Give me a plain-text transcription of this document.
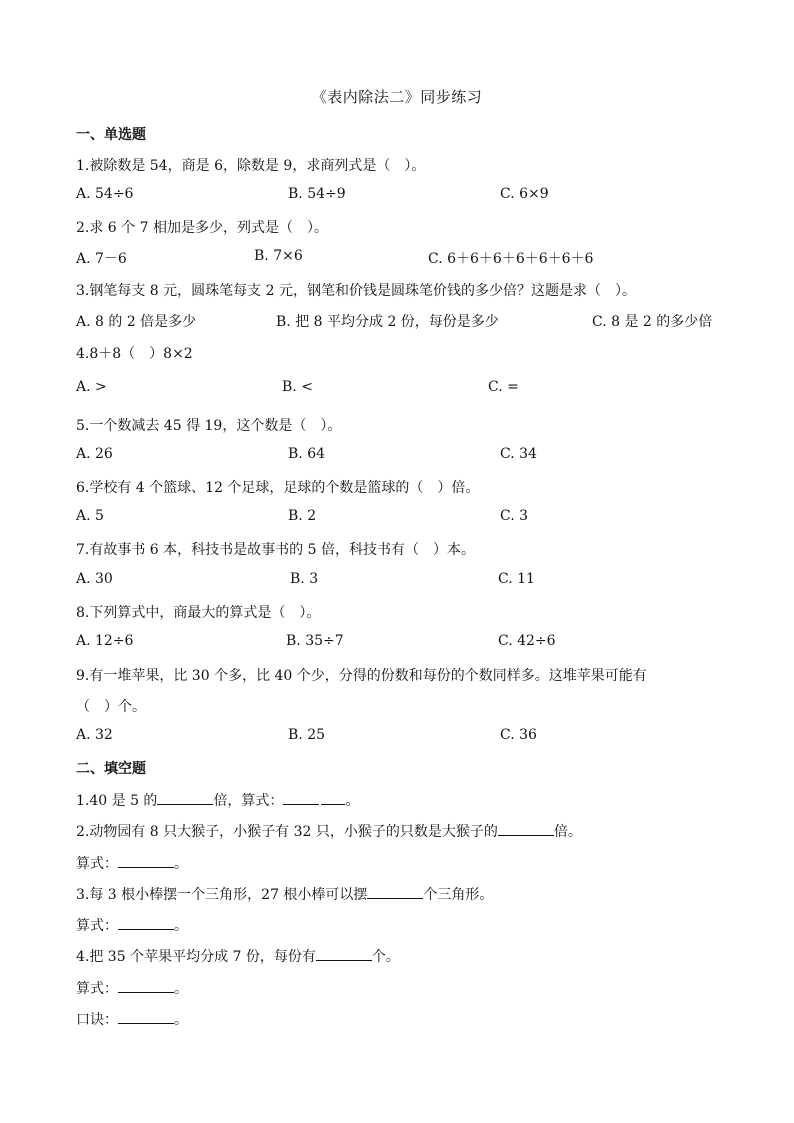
《表内除法二》同步练习
一、单选题
1.被除数是 54，商是 6，除数是 9，求商列式是（　）。
A. 54÷6	B. 54÷9	C. 6×9
2.求 6 个 7 相加是多少，列式是（　）。
A. 7－6	B. 7×6	C. 6＋6＋6＋6＋6＋6＋6
3.钢笔每支 8 元，圆珠笔每支 2 元，钢笔和价钱是圆珠笔价钱的多少倍？这题是求（　）。
A. 8 的 2 倍是多少	B. 把 8 平均分成 2 份，每份是多少	C. 8 是 2 的多少倍
4.8＋8（　）8×2
A. >	B. <	C. =
5.一个数减去 45 得 19，这个数是（　）。
A. 26	B. 64	C. 34
6.学校有 4 个篮球、12 个足球，足球的个数是篮球的（　）倍。
A. 5	B. 2	C. 3
7.有故事书 6 本，科技书是故事书的 5 倍，科技书有（　）本。
A. 30	B. 3	C. 11
8.下列算式中，商最大的算式是（　）。
A. 12÷6	B. 35÷7	C. 42÷6
9.有一堆苹果，比 30 个多，比 40 个少，分得的份数和每份的个数同样多。这堆苹果可能有
（　）个。
A. 32	B. 25	C. 36
二、填空题
1.40 是 5 的	倍，算式：	。
2.动物园有 8 只大猴子，小猴子有 32 只，小猴子的只数是大猴子的	倍。
算式：	。
3.每 3 根小棒摆一个三角形，27 根小棒可以摆	个三角形。
算式：	。
4.把 35 个苹果平均分成 7 份，每份有	个。
算式：	。
口诀：	。
